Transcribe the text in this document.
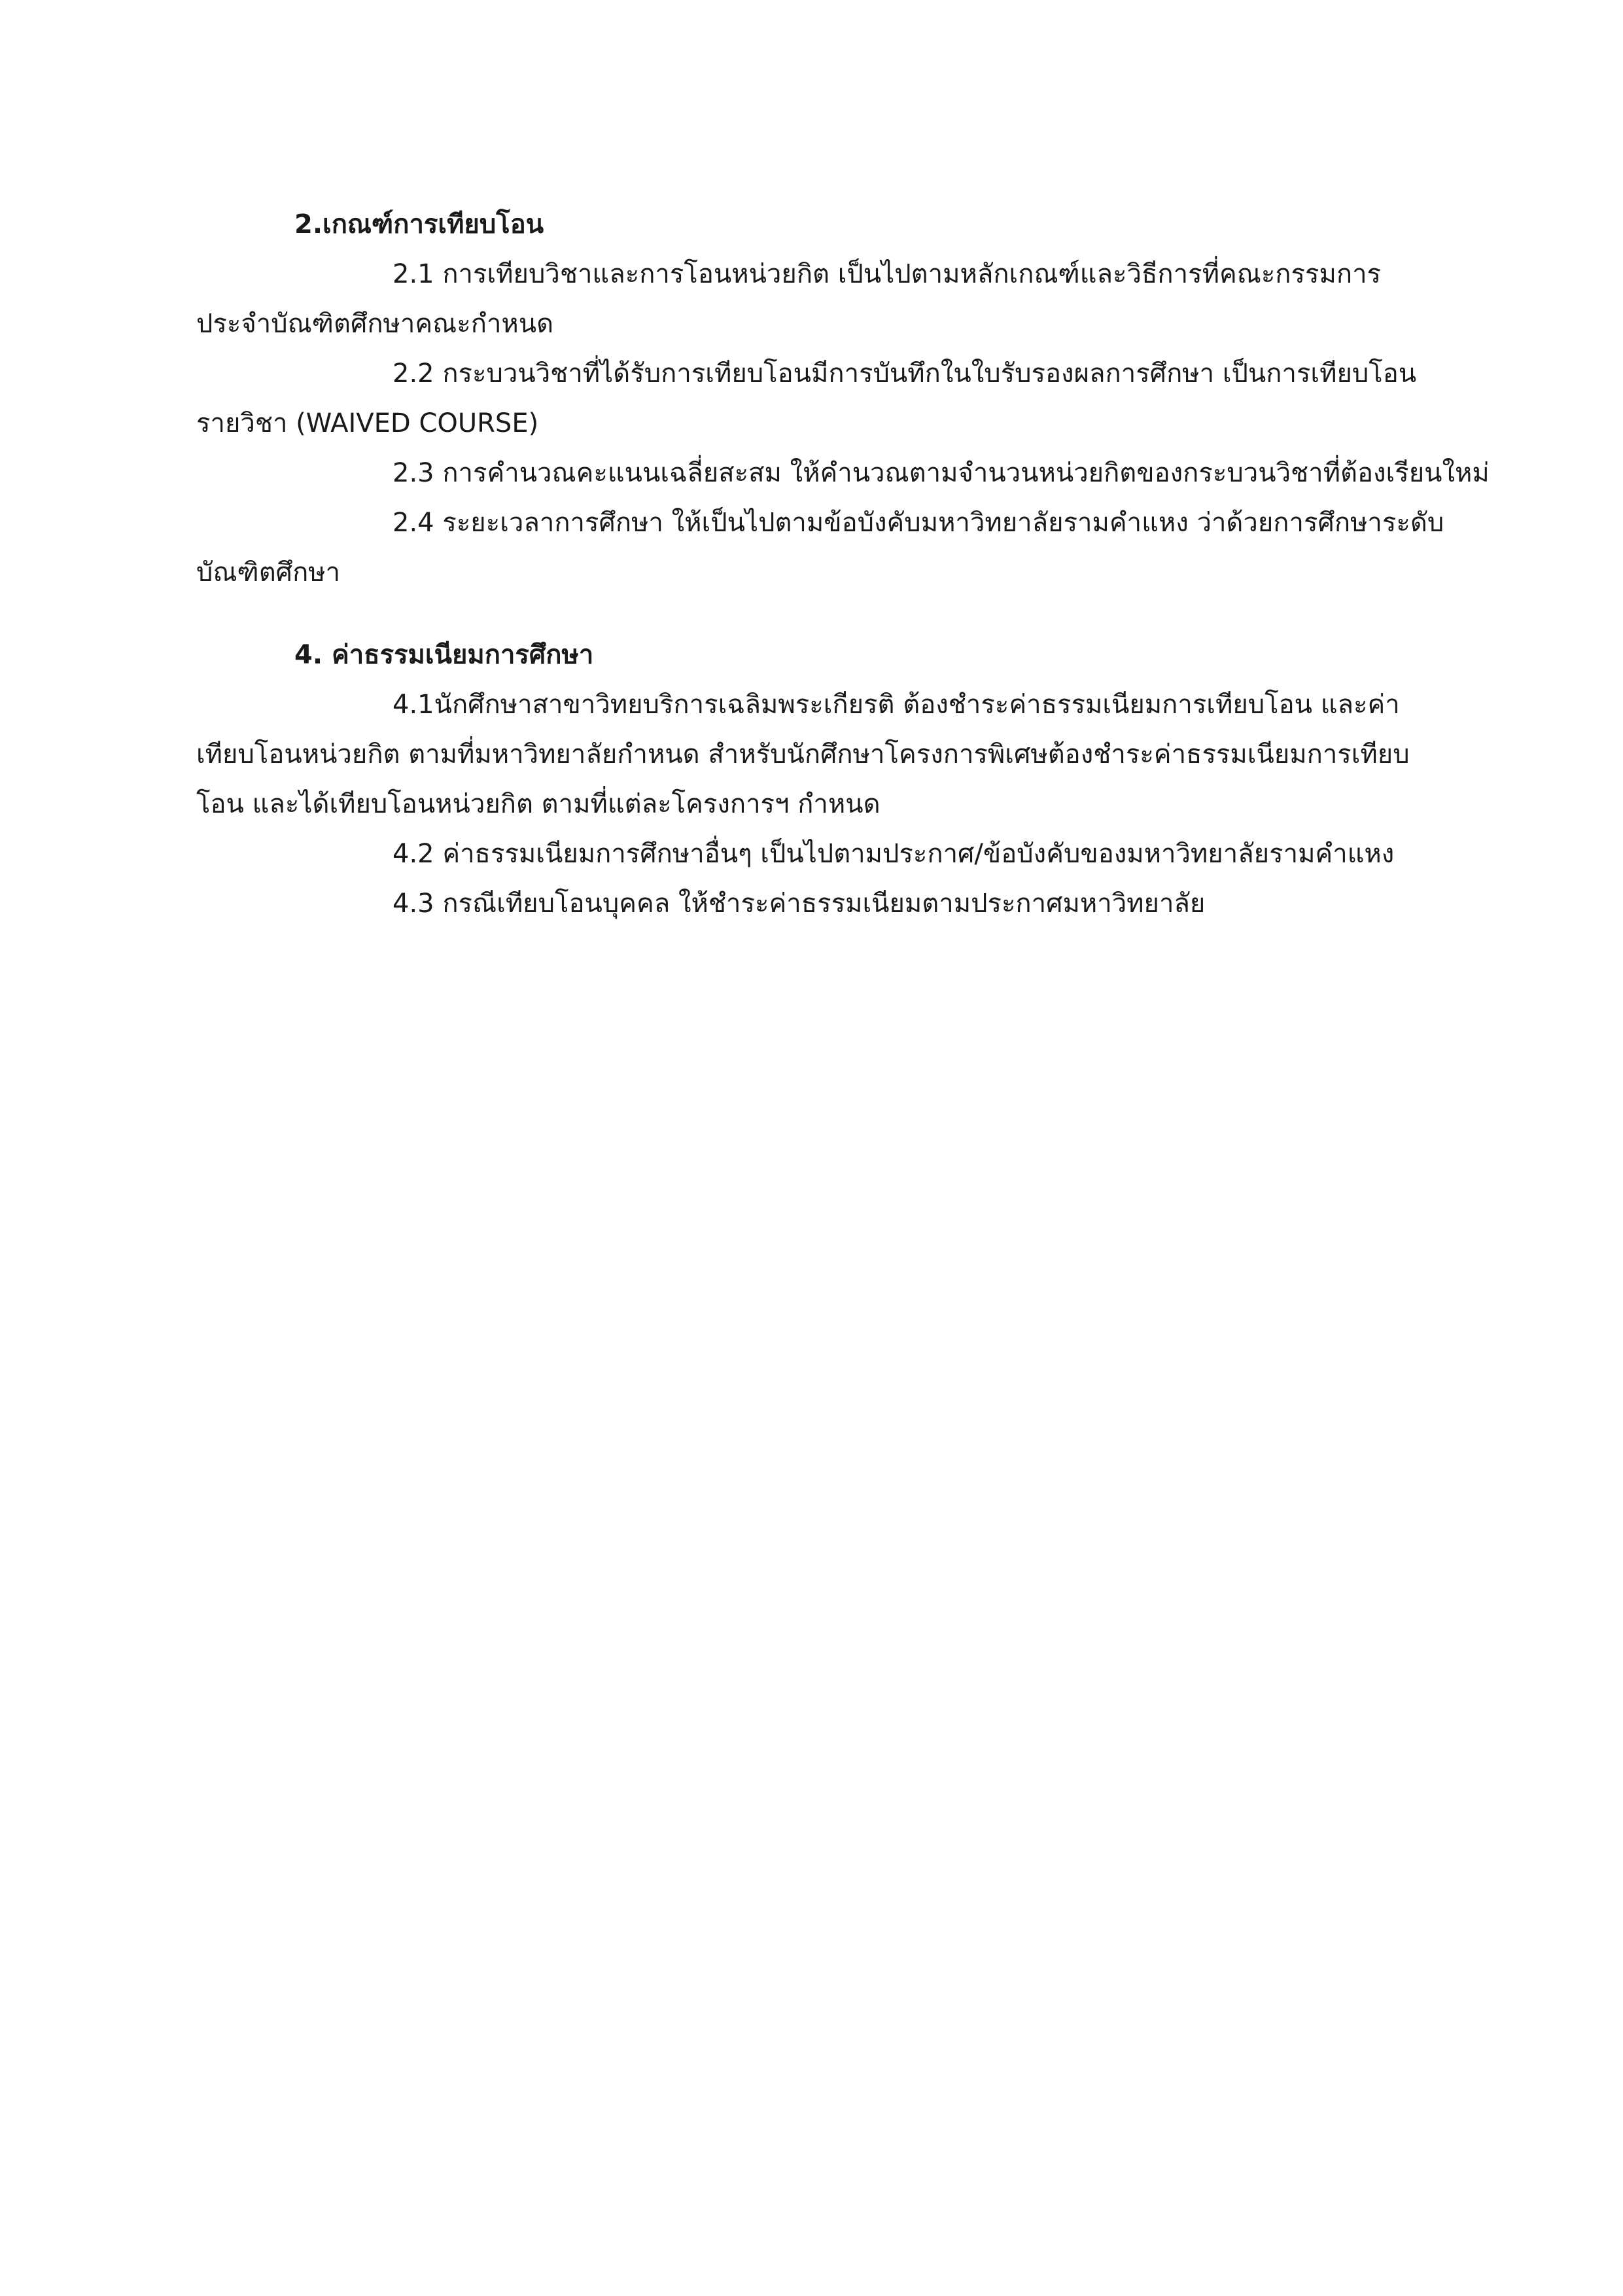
2.เกณฑ์การเทียบโอน

2.1 การเทียบวิชาและการโอนหน่วยกิต เป็นไปตามหลักเกณฑ์และวิธีการที่คณะกรรมการ
ประจำบัณฑิตศึกษาคณะกำหนด

2.2 กระบวนวิชาที่ได้รับการเทียบโอนมีการบันทึกในใบรับรองผลการศึกษา เป็นการเทียบโอน
รายวิชา (WAIVED COURSE)

2.3 การคำนวณคะแนนเฉลี่ยสะสม ให้คำนวณตามจำนวนหน่วยกิตของกระบวนวิชาที่ต้องเรียนใหม่

2.4 ระยะเวลาการศึกษา ให้เป็นไปตามข้อบังคับมหาวิทยาลัยรามคำแหง ว่าด้วยการศึกษาระดับ
บัณฑิตศึกษา

4. ค่าธรรมเนียมการศึกษา

4.1นักศึกษาสาขาวิทยบริการเฉลิมพระเกียรติ ต้องชำระค่าธรรมเนียมการเทียบโอน และค่า
เทียบโอนหน่วยกิต ตามที่มหาวิทยาลัยกำหนด สำหรับนักศึกษาโครงการพิเศษต้องชำระค่าธรรมเนียมการเทียบ
โอน และได้เทียบโอนหน่วยกิต ตามที่แต่ละโครงการฯ กำหนด

4.2 ค่าธรรมเนียมการศึกษาอื่นๆ เป็นไปตามประกาศ/ข้อบังคับของมหาวิทยาลัยรามคำแหง

4.3 กรณีเทียบโอนบุคคล ให้ชำระค่าธรรมเนียมตามประกาศมหาวิทยาลัย
